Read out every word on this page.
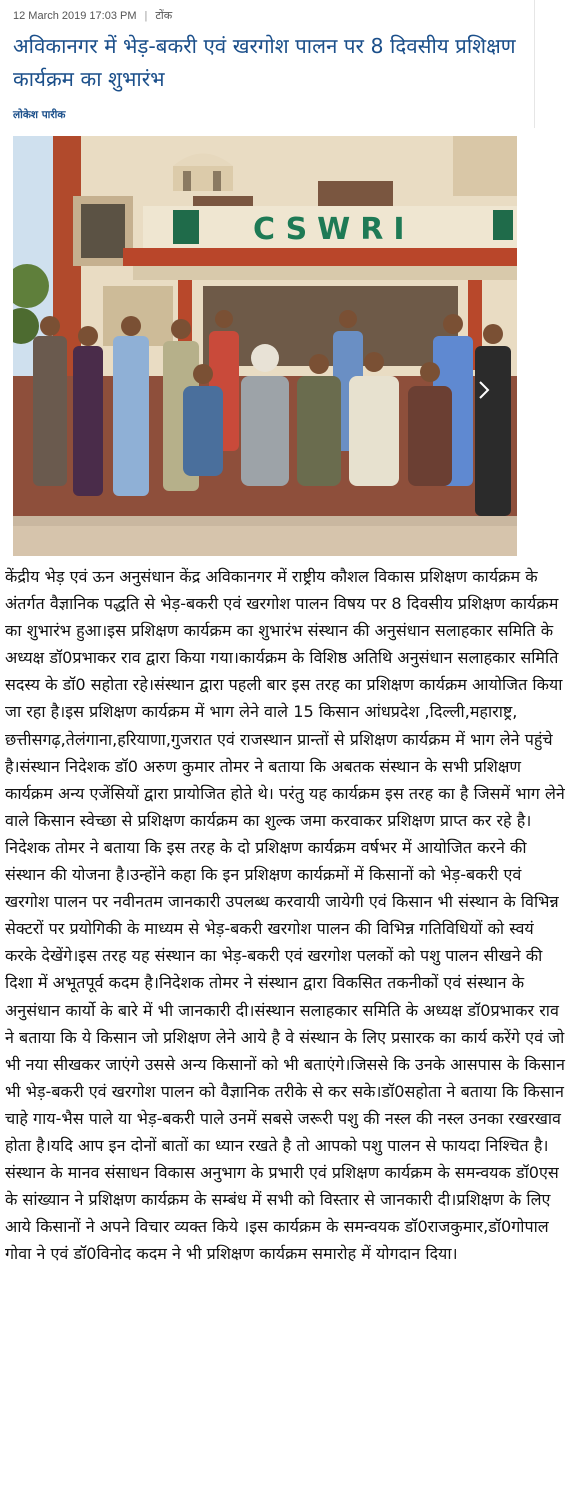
12 March 2019 17:03 PM | टोंक
अविकानगर में भेड़-बकरी एवं खरगोश पालन पर 8 दिवसीय प्रशिक्षण कार्यक्रम का शुभारंभ
लोकेश पारीक
CSWRI

केंद्रीय भेड़ एवं ऊन अनुसंधान केंद्र अविकानगर में राष्ट्रीय कौशल विकास प्रशिक्षण कार्यक्रम के अंतर्गत वैज्ञानिक पद्धति से भेड़-बकरी एवं खरगोश पालन विषय पर 8 दिवसीय प्रशिक्षण कार्यक्रम का शुभारंभ हुआ।इस प्रशिक्षण कार्यक्रम का शुभारंभ संस्थान की अनुसंधान सलाहकार समिति के अध्यक्ष डॉ0प्रभाकर राव द्वारा किया गया।कार्यक्रम के विशिष्ठ अतिथि अनुसंधान सलाहकार समिति सदस्य के डॉ0 सहोता रहे।संस्थान द्वारा पहली बार इस तरह का प्रशिक्षण कार्यक्रम आयोजित किया जा रहा है।इस प्रशिक्षण कार्यक्रम में भाग लेने वाले 15 किसान आंधप्रदेश ,दिल्ली,महाराष्ट्र, छत्तीसगढ़,तेलंगाना,हरियाणा,गुजरात एवं राजस्थान प्रान्तों से प्रशिक्षण कार्यक्रम में भाग लेने पहुंचे है।संस्थान निदेशक डॉ0 अरुण कुमार तोमर ने बताया कि अबतक संस्थान के सभी प्रशिक्षण कार्यक्रम अन्य एजेंसियों द्वारा प्रायोजित होते थे। परंतु यह कार्यक्रम इस तरह का है जिसमें भाग लेने वाले किसान स्वेच्छा से प्रशिक्षण कार्यक्रम का शुल्क जमा करवाकर प्रशिक्षण प्राप्त कर रहे है।निदेशक तोमर ने बताया कि इस तरह के दो प्रशिक्षण कार्यक्रम वर्षभर में आयोजित करने की संस्थान की योजना है।उन्होंने कहा कि इन प्रशिक्षण कार्यक्रमों में किसानों को भेड़-बकरी एवं खरगोश पालन पर नवीनतम जानकारी उपलब्ध करवायी जायेगी एवं किसान भी संस्थान के विभिन्न सेक्टरों पर प्रयोगिकी के माध्यम से भेड़-बकरी खरगोश पालन की विभिन्न गतिविधियों को स्वयं करके देखेंगे।इस तरह यह संस्थान का भेड़-बकरी एवं खरगोश पलकों को पशु पालन सीखने की दिशा में अभूतपूर्व कदम है।निदेशक तोमर ने संस्थान द्वारा विकसित तकनीकों एवं संस्थान के अनुसंधान कार्यो के बारे में भी जानकारी दी।संस्थान सलाहकार समिति के अध्यक्ष डॉ0प्रभाकर राव ने बताया कि ये किसान जो प्रशिक्षण लेने आये है वे संस्थान के लिए प्रसारक का कार्य करेंगे एवं जो भी नया सीखकर जाएंगे उससे अन्य किसानों को भी बताएंगे।जिससे कि उनके आसपास के किसान भी भेड़-बकरी एवं खरगोश पालन को वैज्ञानिक तरीके से कर सके।डॉ0सहोता ने बताया कि किसान चाहे गाय-भैस पाले या भेड़-बकरी पाले उनमें सबसे जरूरी पशु की नस्ल की नस्ल उनका रखरखाव होता है।यदि आप इन दोनों बातों का ध्यान रखते है तो आपको पशु पालन से फायदा निश्चित है।संस्थान के मानव संसाधन विकास अनुभाग के प्रभारी एवं प्रशिक्षण कार्यक्रम के समन्वयक डॉ0एस के सांख्यान ने प्रशिक्षण कार्यक्रम के सम्बंध में सभी को विस्तार से जानकारी दी।प्रशिक्षण के लिए आये किसानों ने अपने विचार व्यक्त किये ।इस कार्यक्रम के समन्वयक डॉ0राजकुमार,डॉ0गोपाल गोवा ने एवं डॉ0विनोद कदम ने भी प्रशिक्षण कार्यक्रम समारोह में योगदान दिया।
